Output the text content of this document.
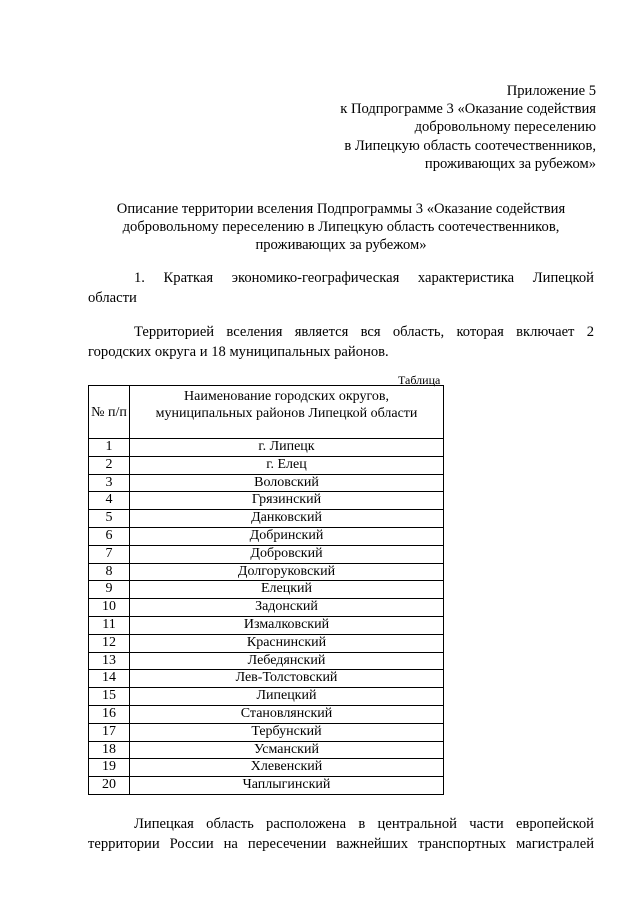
Приложение 5
к Подпрограмме 3 «Оказание содействия
добровольному переселению
в Липецкую область соотечественников,
проживающих за рубежом»
Описание территории вселения Подпрограммы 3 «Оказание содействия
добровольному переселению в Липецкую область соотечественников,
проживающих за рубежом»
1. Краткая экономико-географическая характеристика Липецкой
области
Территорией вселения является вся область, которая включает 2
городских округа и 18 муниципальных районов.
Таблица
№ п/п	Наименование городских округов,
муниципальных районов Липецкой области

1	г. Липецк
2	г. Елец
3	Воловский
4	Грязинский
5	Данковский
6	Добринский
7	Добровский
8	Долгоруковский
9	Елецкий
10	Задонский
11	Измалковский
12	Краснинский
13	Лебедянский
14	Лев-Толстовский
15	Липецкий
16	Становлянский
17	Тербунский
18	Усманский
19	Хлевенский
20	Чаплыгинский
Липецкая область расположена в центральной части европейской
территории России на пересечении важнейших транспортных магистралей
